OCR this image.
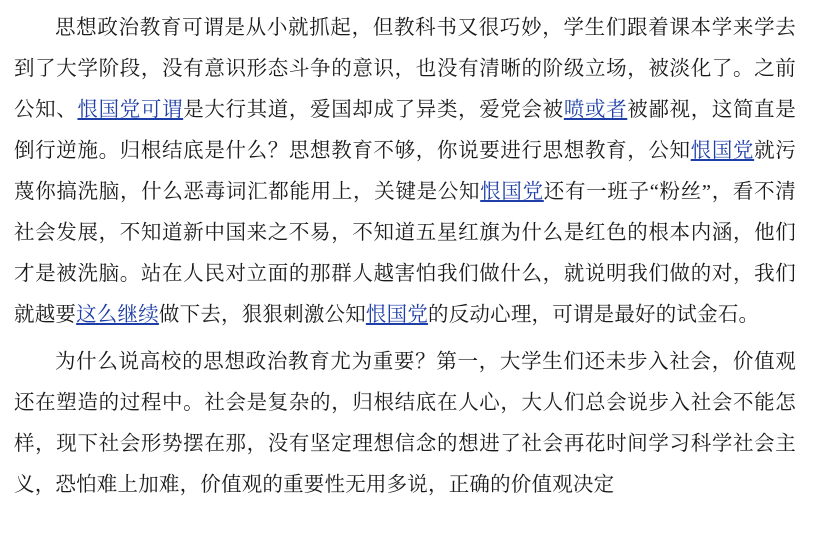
思想政治教育可谓是从小就抓起，但教科书又很巧妙，学生们跟着课本学来学去到了大学阶段，没有意识形态斗争的意识，也没有清晰的阶级立场，被淡化了。之前公知、恨国党可谓是大行其道，爱国却成了异类，爱党会被喷或者被鄙视，这简直是倒行逆施。归根结底是什么？思想教育不够，你说要进行思想教育，公知恨国党就污蔑你搞洗脑，什么恶毒词汇都能用上，关键是公知恨国党还有一班子“粉丝”，看不清社会发展，不知道新中国来之不易，不知道五星红旗为什么是红色的根本内涵，他们才是被洗脑。站在人民对立面的那群人越害怕我们做什么，就说明我们做的对，我们就越要这么继续做下去，狠狠刺激公知恨国党的反动心理，可谓是最好的试金石。

为什么说高校的思想政治教育尤为重要？第一，大学生们还未步入社会，价值观还在塑造的过程中。社会是复杂的，归根结底在人心，大人们总会说步入社会不能怎样，现下社会形势摆在那，没有坚定理想信念的想进了社会再花时间学习科学社会主义，恐怕难上加难，价值观的重要性无用多说，正确的价值观决定
